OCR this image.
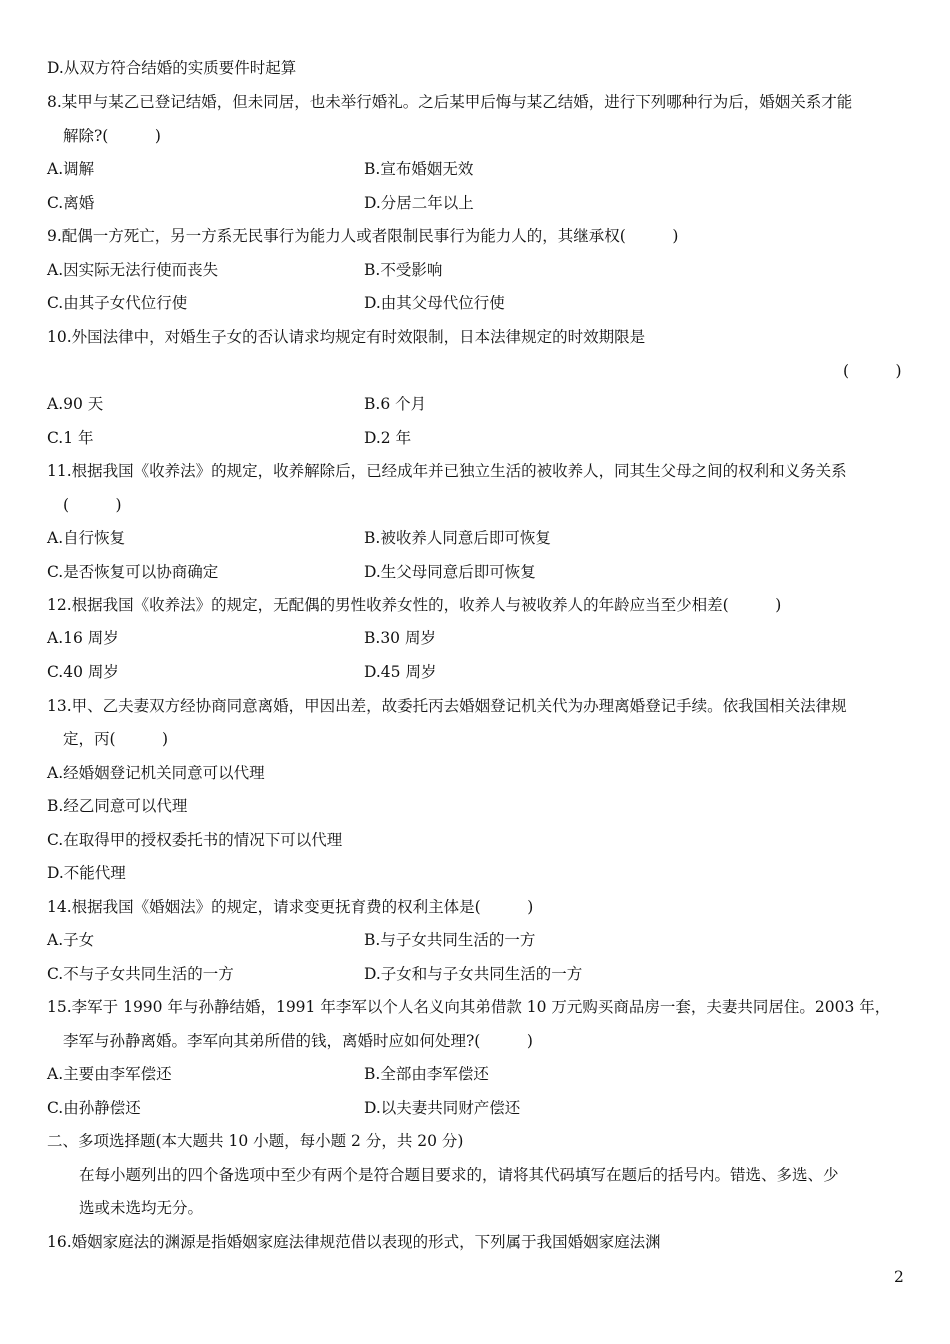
D.从双方符合结婚的实质要件时起算
8.某甲与某乙已登记结婚，但未同居，也未举行婚礼。之后某甲后悔与某乙结婚，进行下列哪种行为后，婚姻关系才能
解除?(　　　)
A.调解	B.宣布婚姻无效
C.离婚	D.分居二年以上
9.配偶一方死亡，另一方系无民事行为能力人或者限制民事行为能力人的，其继承权(　　　)
A.因实际无法行使而丧失	B.不受影响
C.由其子女代位行使	D.由其父母代位行使
10.外国法律中，对婚生子女的否认请求均规定有时效限制，日本法律规定的时效期限是
(　　　)
A.90 天	B.6 个月
C.1 年	D.2 年
11.根据我国《收养法》的规定，收养解除后，已经成年并已独立生活的被收养人，同其生父母之间的权利和义务关系
(　　　)
A.自行恢复	B.被收养人同意后即可恢复
C.是否恢复可以协商确定	D.生父母同意后即可恢复
12.根据我国《收养法》的规定，无配偶的男性收养女性的，收养人与被收养人的年龄应当至少相差(　　　)
A.16 周岁	B.30 周岁
C.40 周岁	D.45 周岁
13.甲、乙夫妻双方经协商同意离婚，甲因出差，故委托丙去婚姻登记机关代为办理离婚登记手续。依我国相关法律规
定，丙(　　　)
A.经婚姻登记机关同意可以代理
B.经乙同意可以代理
C.在取得甲的授权委托书的情况下可以代理
D.不能代理
14.根据我国《婚姻法》的规定，请求变更抚育费的权利主体是(　　　)
A.子女	B.与子女共同生活的一方
C.不与子女共同生活的一方	D.子女和与子女共同生活的一方
15.李军于 1990 年与孙静结婚，1991 年李军以个人名义向其弟借款 10 万元购买商品房一套，夫妻共同居住。2003 年，
李军与孙静离婚。李军向其弟所借的钱，离婚时应如何处理?(　　　)
A.主要由李军偿还	B.全部由李军偿还
C.由孙静偿还	D.以夫妻共同财产偿还
二、多项选择题(本大题共 10 小题，每小题 2 分，共 20 分)
在每小题列出的四个备选项中至少有两个是符合题目要求的，请将其代码填写在题后的括号内。错选、多选、少
选或未选均无分。
16.婚姻家庭法的渊源是指婚姻家庭法律规范借以表现的形式，下列属于我国婚姻家庭法渊
2
